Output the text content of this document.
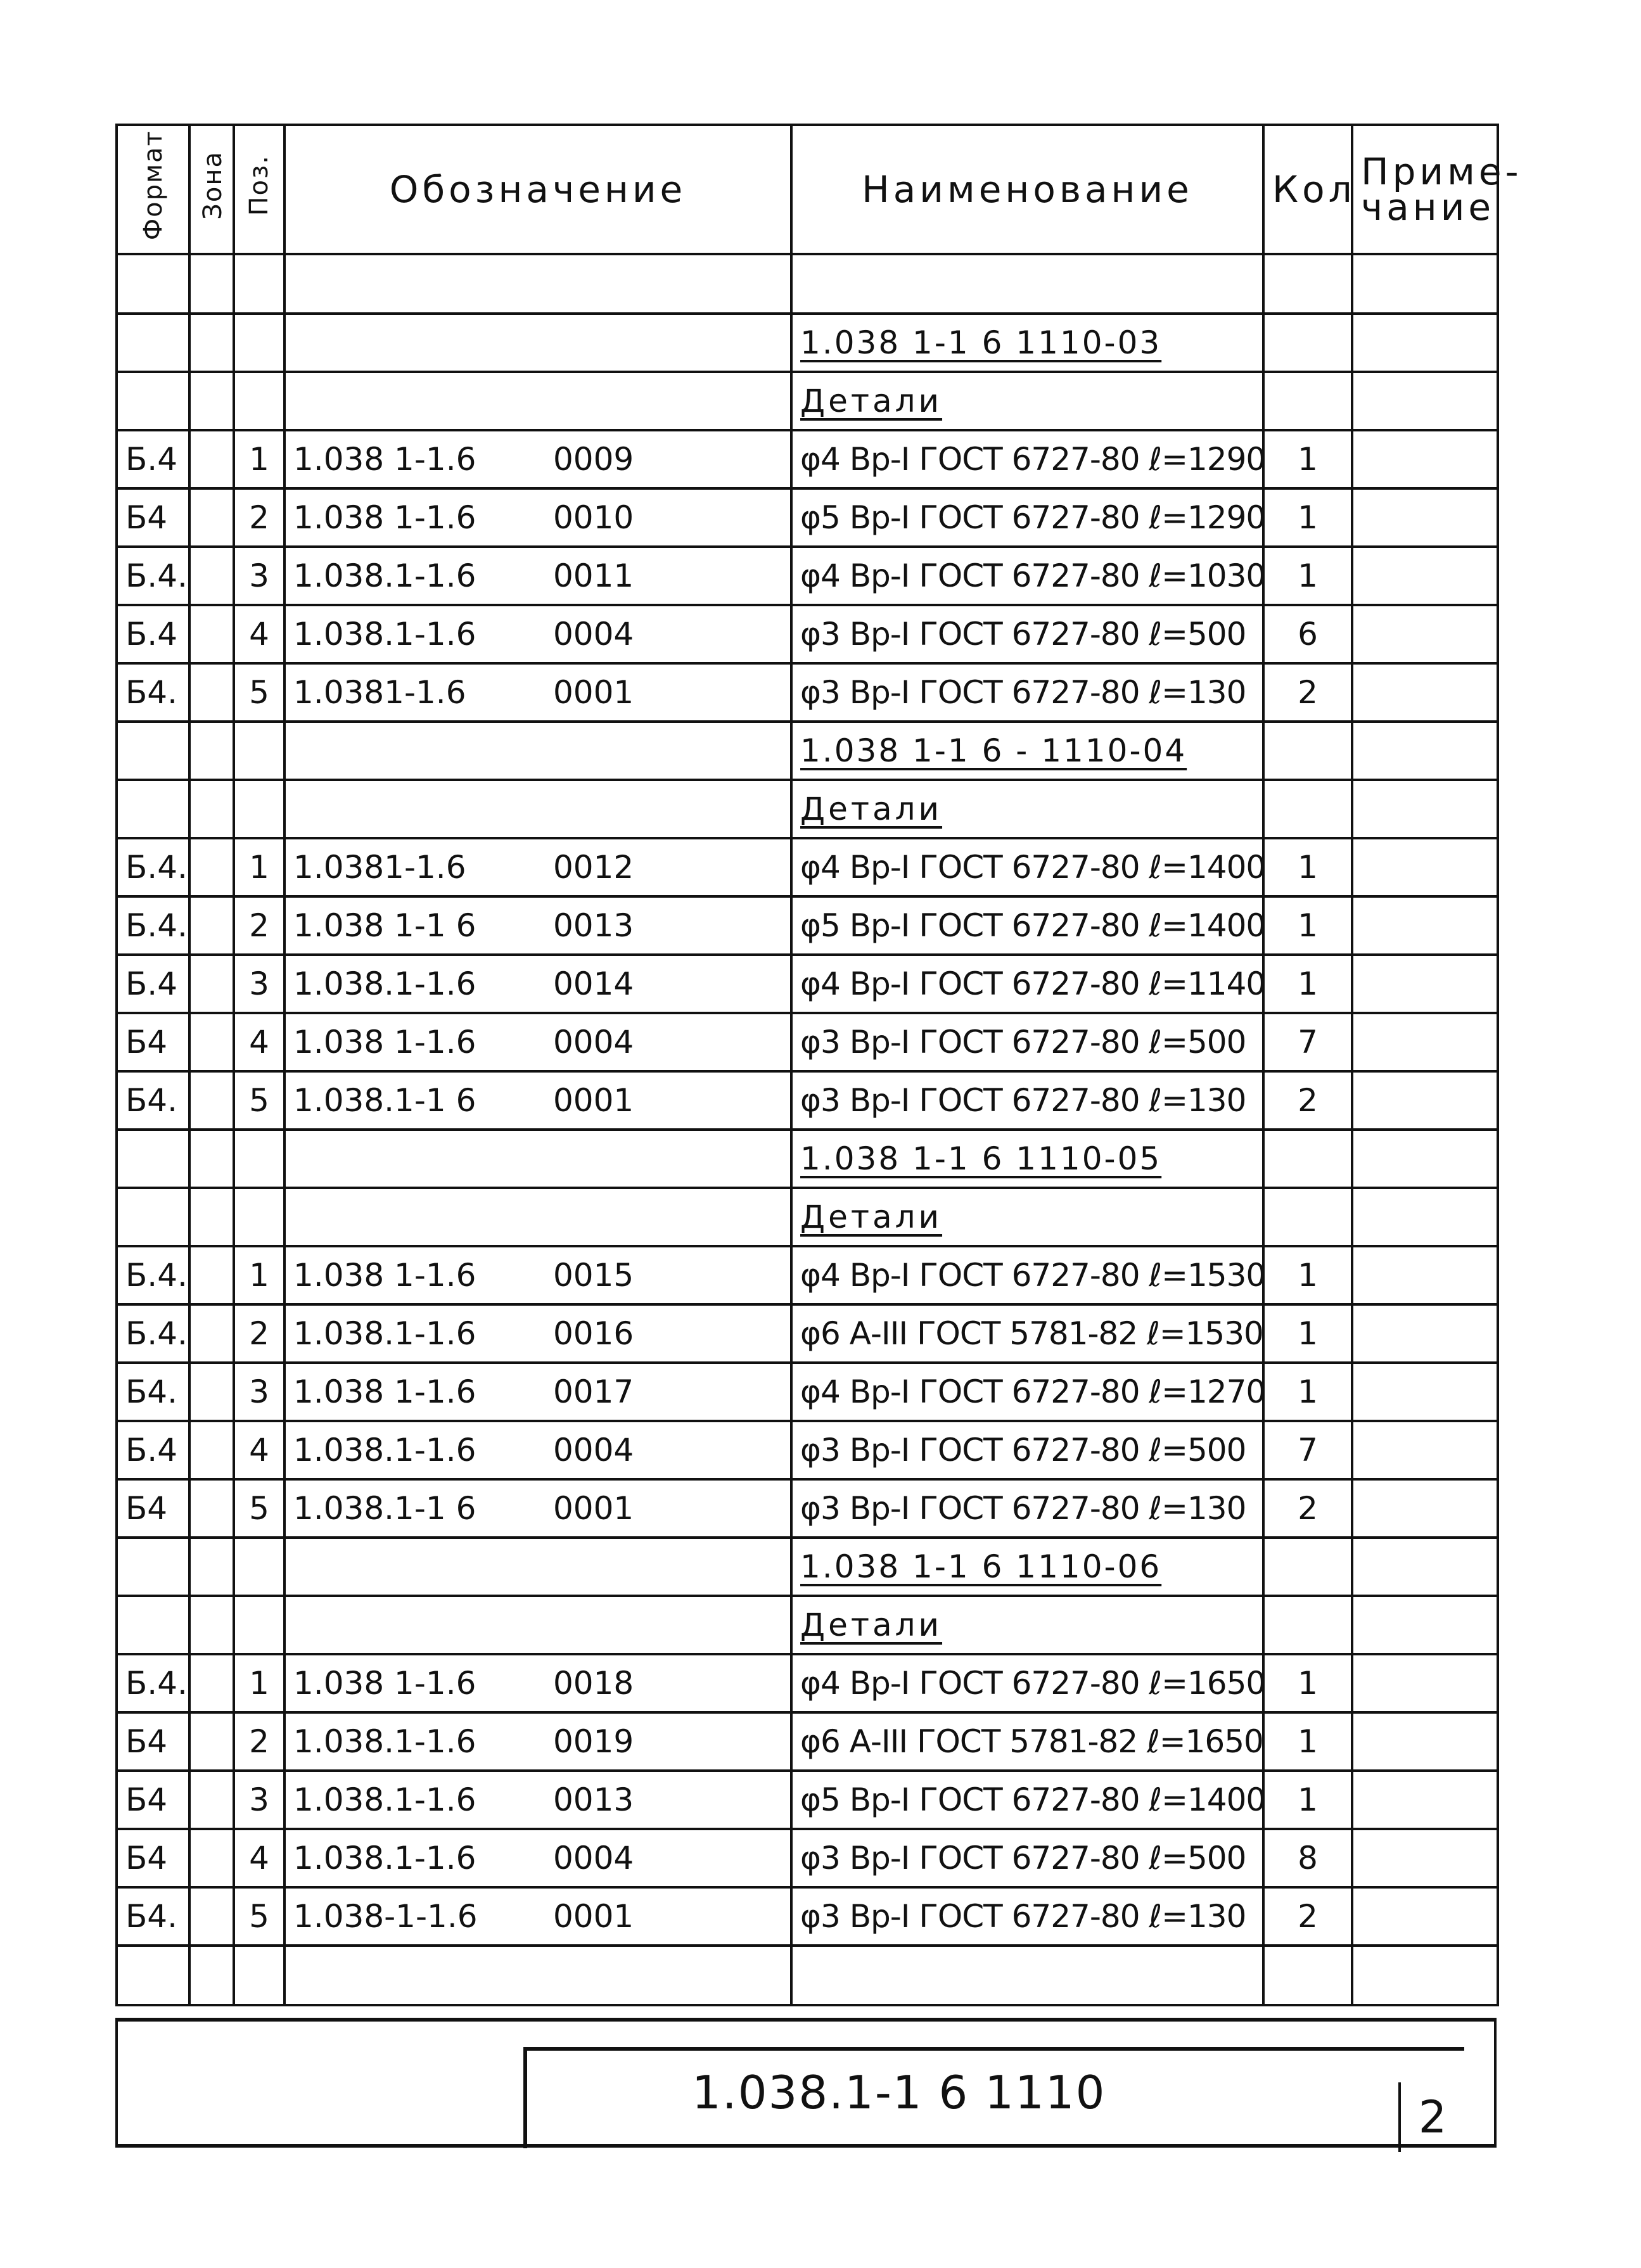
Формат	Зона	Поз.	Обозначение	Наименование	Кол	Приме-
чание

				1.038 1-1 6 1110-03		
				Детали		
Б.4		1	1.038 1-1.6 0009	φ4 Вр-I ГОСТ 6727-80 ℓ=1290	1	
Б4		2	1.038 1-1.6 0010	φ5 Вр-I ГОСТ 6727-80 ℓ=1290	1	
Б.4.		3	1.038.1-1.6 0011	φ4 Вр-I ГОСТ 6727-80 ℓ=1030	1	
Б.4		4	1.038.1-1.6 0004	φ3 Вр-I ГОСТ 6727-80 ℓ=500	6	
Б4.		5	1.0381-1.6 0001	φ3 Вр-I ГОСТ 6727-80 ℓ=130	2	
				1.038 1-1 6 - 1110-04		
				Детали		
Б.4.		1	1.0381-1.6 0012	φ4 Вр-I ГОСТ 6727-80 ℓ=1400	1	
Б.4.		2	1.038 1-1 6 0013	φ5 Вр-I ГОСТ 6727-80 ℓ=1400	1	
Б.4		3	1.038.1-1.6 0014	φ4 Вр-I ГОСТ 6727-80 ℓ=1140	1	
Б4		4	1.038 1-1.6 0004	φ3 Вр-I ГОСТ 6727-80 ℓ=500	7	
Б4.		5	1.038.1-1 6 0001	φ3 Вр-I ГОСТ 6727-80 ℓ=130	2	
				1.038 1-1 6 1110-05		
				Детали		
Б.4.		1	1.038 1-1.6 0015	φ4 Вр-I ГОСТ 6727-80 ℓ=1530	1	
Б.4.		2	1.038.1-1.6 0016	φ6 А-III ГОСТ 5781-82 ℓ=1530	1	
Б4.		3	1.038 1-1.6 0017	φ4 Вр-I ГОСТ 6727-80 ℓ=1270	1	
Б.4		4	1.038.1-1.6 0004	φ3 Вр-I ГОСТ 6727-80 ℓ=500	7	
Б4		5	1.038.1-1 6 0001	φ3 Вр-I ГОСТ 6727-80 ℓ=130	2	
				1.038 1-1 6 1110-06		
				Детали		
Б.4.		1	1.038 1-1.6 0018	φ4 Вр-I ГОСТ 6727-80 ℓ=1650	1	
Б4		2	1.038.1-1.6 0019	φ6 А-III ГОСТ 5781-82 ℓ=1650	1	
Б4		3	1.038.1-1.6 0013	φ5 Вр-I ГОСТ 6727-80 ℓ=1400	1	
Б4		4	1.038.1-1.6 0004	φ3 Вр-I ГОСТ 6727-80 ℓ=500	8	
Б4.		5	1.038-1-1.6 0001	φ3 Вр-I ГОСТ 6727-80 ℓ=130	2	

1.038.1-1 6 1110	2
